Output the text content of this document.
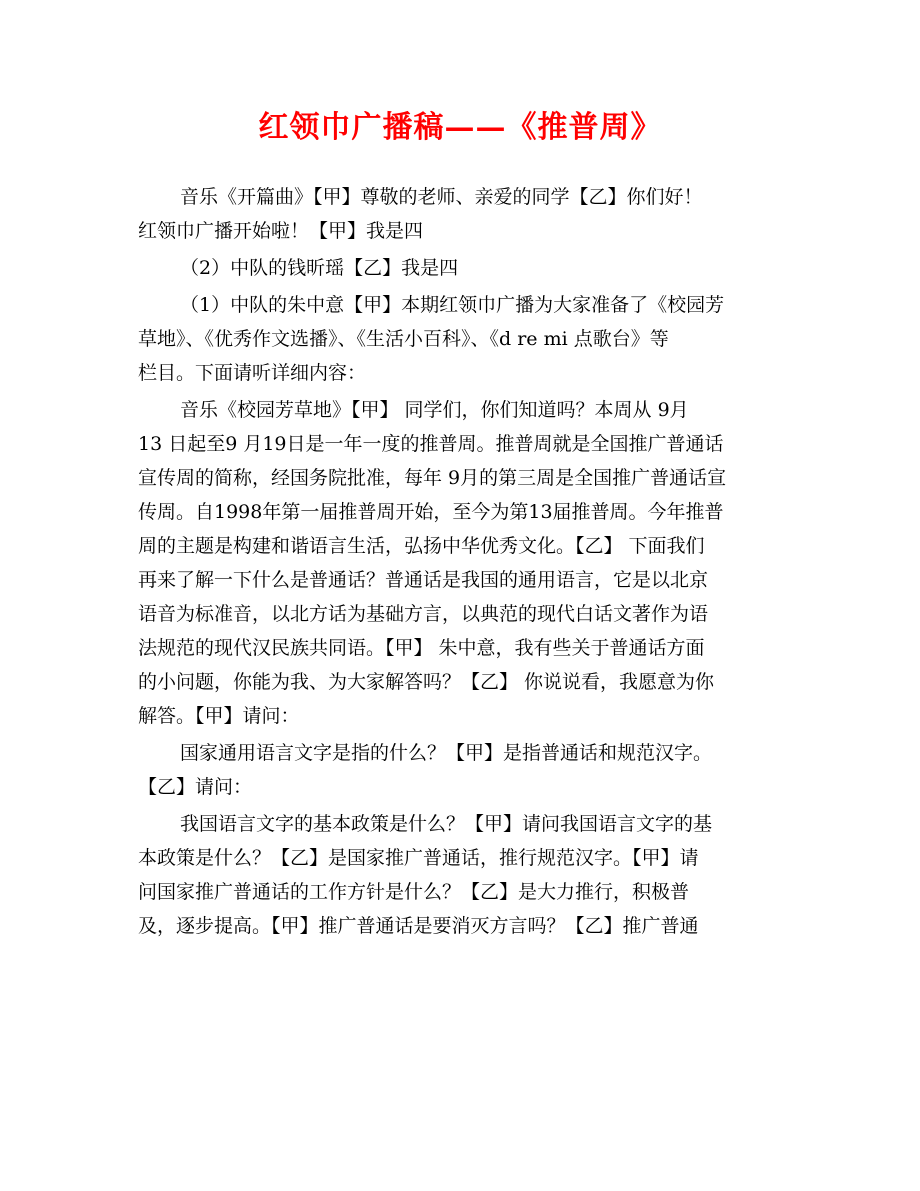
红领巾广播稿——《推普周》
音乐《开篇曲》【甲】尊敬的老师、亲爱的同学【乙】你们好！
红领巾广播开始啦！【甲】我是四
（2）中队的钱昕瑶【乙】我是四
（1）中队的朱中意【甲】本期红领巾广播为大家准备了《校园芳
草地》、《优秀作文选播》、《生活小百科》、《d re mi 点歌台》等
栏目。下面请听详细内容：
音乐《校园芳草地》【甲】 同学们，你们知道吗？本周从 9月
13 日起至9 月19日是一年一度的推普周。推普周就是全国推广普通话
宣传周的简称，经国务院批准，每年 9月的第三周是全国推广普通话宣
传周。自1998年第一届推普周开始，至今为第13届推普周。今年推普
周的主题是构建和谐语言生活，弘扬中华优秀文化。【乙】 下面我们
再来了解一下什么是普通话？普通话是我国的通用语言，它是以北京
语音为标准音，以北方话为基础方言，以典范的现代白话文著作为语
法规范的现代汉民族共同语。【甲】 朱中意，我有些关于普通话方面
的小问题，你能为我、为大家解答吗？【乙】 你说说看，我愿意为你
解答。【甲】请问：
国家通用语言文字是指的什么？【甲】是指普通话和规范汉字。
【乙】请问：
我国语言文字的基本政策是什么？【甲】请问我国语言文字的基
本政策是什么？【乙】是国家推广普通话，推行规范汉字。【甲】请
问国家推广普通话的工作方针是什么？【乙】是大力推行，积极普
及，逐步提高。【甲】推广普通话是要消灭方言吗？【乙】推广普通
